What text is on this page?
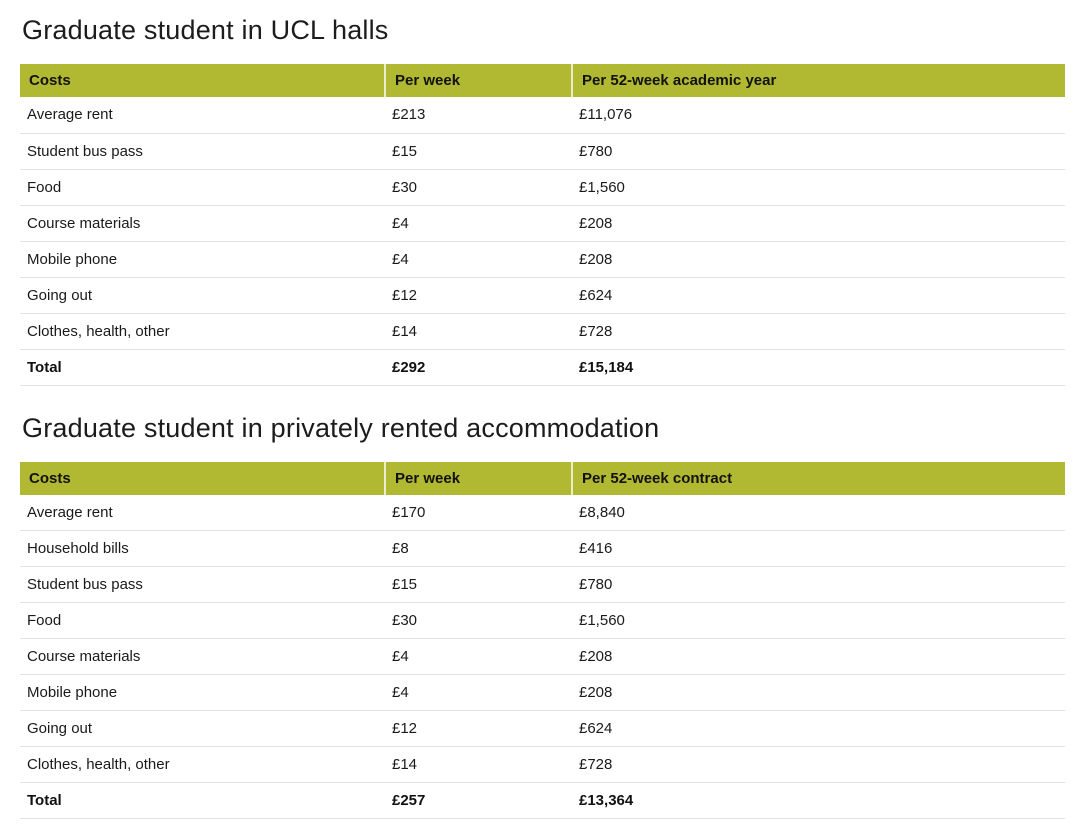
Graduate student in UCL halls
Costs	Per week	Per 52-week academic year
Average rent	£213	£11,076
Student bus pass	£15	£780
Food	£30	£1,560
Course materials	£4	£208
Mobile phone	£4	£208
Going out	£12	£624
Clothes, health, other	£14	£728
Total	£292	£15,184
Graduate student in privately rented accommodation
Costs	Per week	Per 52-week contract
Average rent	£170	£8,840
Household bills	£8	£416
Student bus pass	£15	£780
Food	£30	£1,560
Course materials	£4	£208
Mobile phone	£4	£208
Going out	£12	£624
Clothes, health, other	£14	£728
Total	£257	£13,364
